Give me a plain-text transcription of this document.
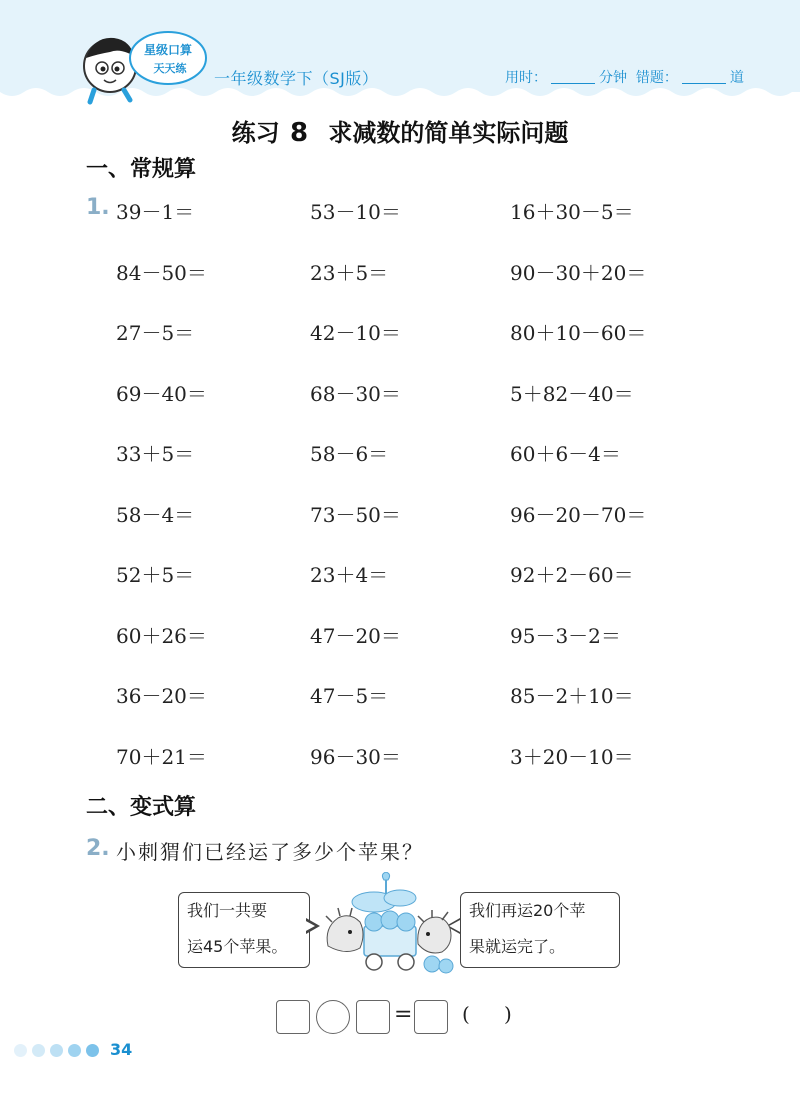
星级口算
天天练
一年级数学下（SJ版）	用时：	分钟 错题：	道
练习 8 求减数的简单实际问题
一、常规算
1. 39－1＝	53－10＝	16＋30－5＝
84－50＝	23＋5＝	90－30＋20＝
27－5＝	42－10＝	80＋10－60＝
69－40＝	68－30＝	5＋82－40＝
33＋5＝	58－6＝	60＋6－4＝
58－4＝	73－50＝	96－20－70＝
52＋5＝	23＋4＝	92＋2－60＝
60＋26＝	47－20＝	95－3－2＝
36－20＝	47－5＝	85－2＋10＝
70＋21＝	96－30＝	3＋20－10＝
二、变式算
2. 小刺猬们已经运了多少个苹果？
我们一共要
运45个苹果。
我们再运20个苹
果就运完了。
= ( )
34
